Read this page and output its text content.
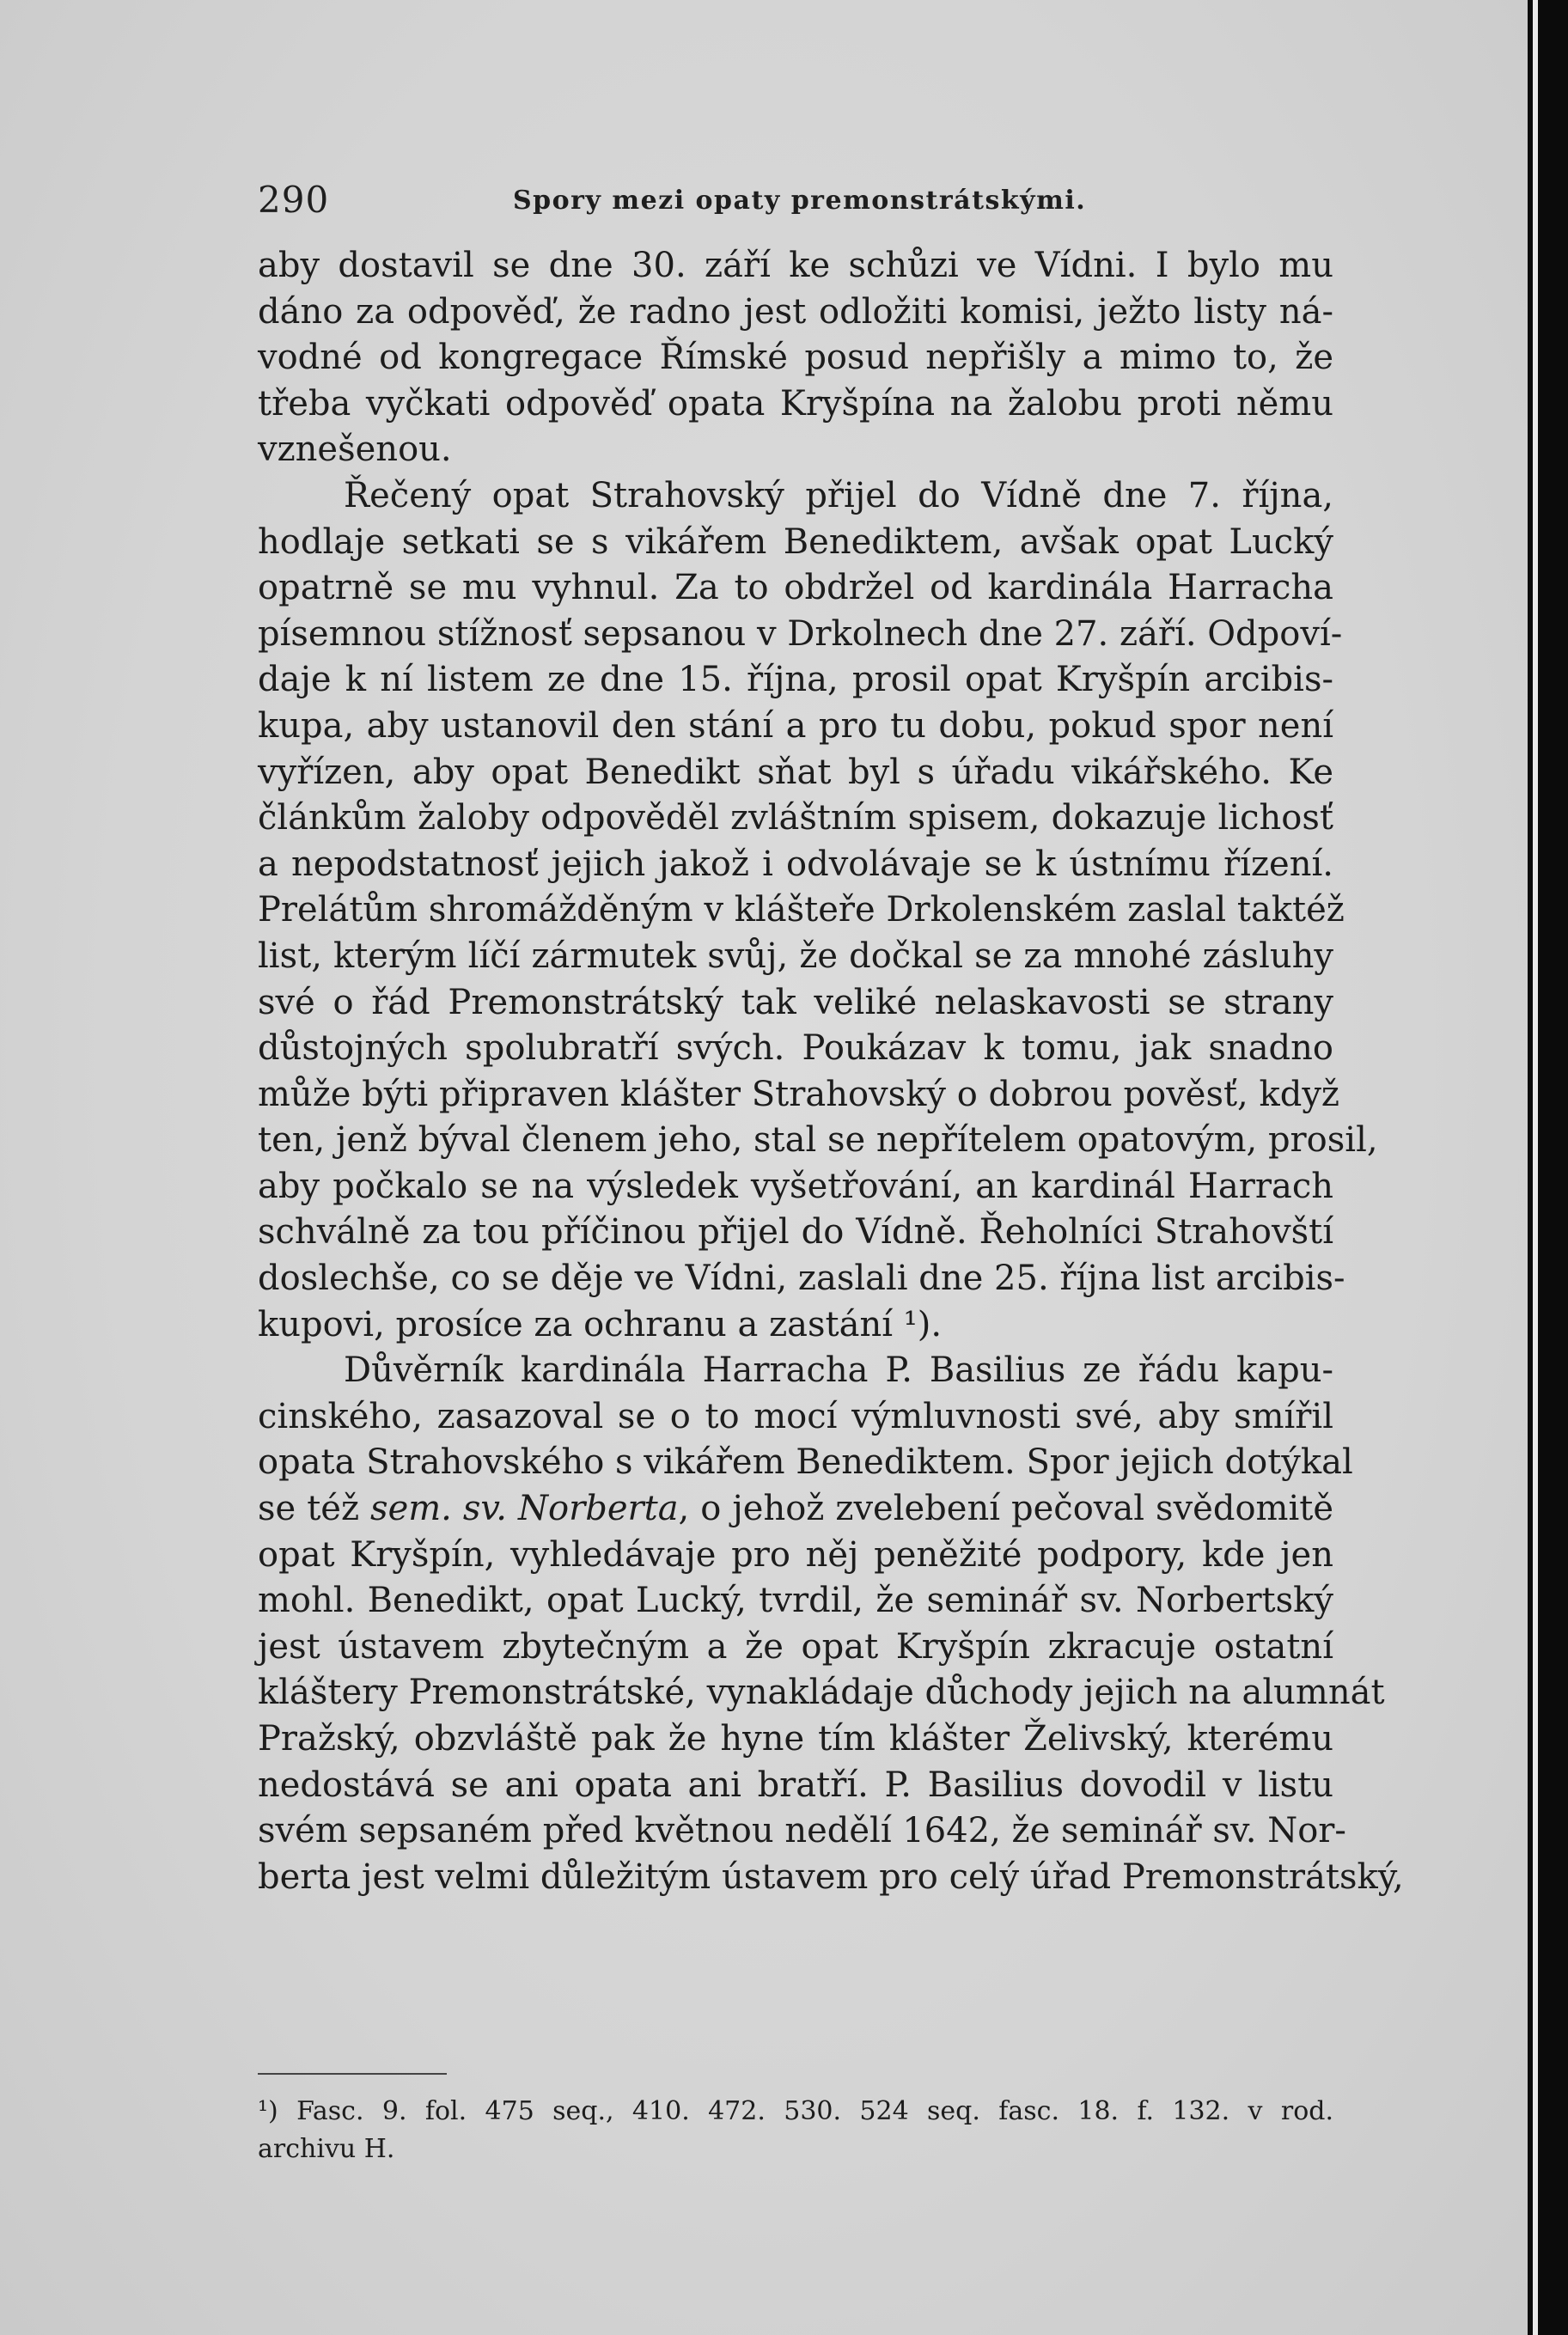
290	Spory mezi opaty premonstrátskými.
aby dostavil se dne 30. září ke schůzi ve Vídni. I bylo mu
dáno za odpověď, že radno jest odložiti komisi, ježto listy ná-
vodné od kongregace Římské posud nepřišly a mimo to, že
třeba vyčkati odpověď opata Kryšpína na žalobu proti němu
vznešenou.
Řečený opat Strahovský přijel do Vídně dne 7. října,
hodlaje setkati se s vikářem Benediktem, avšak opat Lucký
opatrně se mu vyhnul. Za to obdržel od kardinála Harracha
písemnou stížnosť sepsanou v Drkolnech dne 27. září. Odpoví-
daje k ní listem ze dne 15. října, prosil opat Kryšpín arcibis-
kupa, aby ustanovil den stání a pro tu dobu, pokud spor není
vyřízen, aby opat Benedikt sňat byl s úřadu vikářského. Ke
článkům žaloby odpověděl zvláštním spisem, dokazuje lichosť
a nepodstatnosť jejich jakož i odvolávaje se k ústnímu řízení.
Prelátům shromážděným v klášteře Drkolenském zaslal taktéž
list, kterým líčí zármutek svůj, že dočkal se za mnohé zásluhy
své o řád Premonstrátský tak veliké nelaskavosti se strany
důstojných spolubratří svých. Poukázav k tomu, jak snadno
může býti připraven klášter Strahovský o dobrou pověsť, když
ten, jenž býval členem jeho, stal se nepřítelem opatovým, prosil,
aby počkalo se na výsledek vyšetřování, an kardinál Harrach
schválně za tou příčinou přijel do Vídně. Řeholníci Strahovští
doslechše, co se děje ve Vídni, zaslali dne 25. října list arcibis-
kupovi, prosíce za ochranu a zastání ¹).
Důvěrník kardinála Harracha P. Basilius ze řádu kapu-
cinského, zasazoval se o to mocí výmluvnosti své, aby smířil
opata Strahovského s vikářem Benediktem. Spor jejich dotýkal
se též sem. sv. Norberta, o jehož zvelebení pečoval svědomitě
opat Kryšpín, vyhledávaje pro něj peněžité podpory, kde jen
mohl. Benedikt, opat Lucký, tvrdil, že seminář sv. Norbertský
jest ústavem zbytečným a že opat Kryšpín zkracuje ostatní
kláštery Premonstrátské, vynakládaje důchody jejich na alumnát
Pražský, obzvláště pak že hyne tím klášter Želivský, kterému
nedostává se ani opata ani bratří. P. Basilius dovodil v listu
svém sepsaném před květnou nedělí 1642, že seminář sv. Nor-
berta jest velmi důležitým ústavem pro celý úřad Premonstrátský,
¹) Fasc. 9. fol. 475 seq., 410. 472. 530. 524 seq. fasc. 18. f. 132. v rod.
archivu H.
